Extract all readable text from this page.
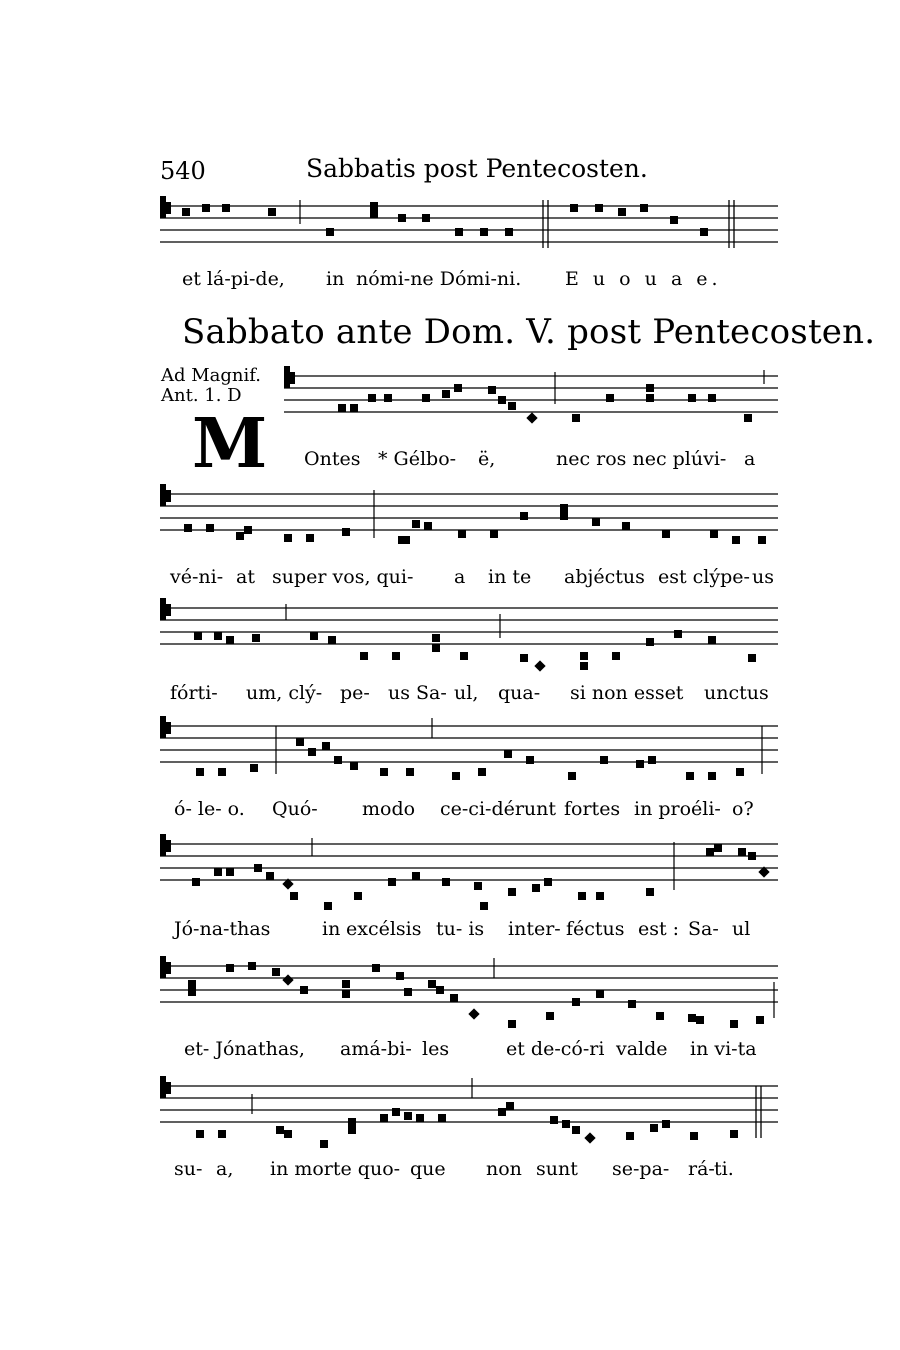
540	Sabbatis post Pentecosten.
et lá-pi-de, in nómi-ne Dómi-ni. E u o u a e.
Sabbato ante Dom. V. post Pentecosten.
Ad Magnif.
Ant. 1. D
M Ontes * Gélbo- ë,	nec ros nec plúvi- a
vé-ni- at super vos, qui- a in te abjéctus est clýpe- us
fórti- um, clý- pe- us Sa- ul, qua- si non esset unctus
ó- le- o. Quó- modo ce-ci-dérunt fortes in proéli- o?
Jó-na-thas	in excélsis tu- is inter- féctus est : Sa- ul
et- Jónathas, amá-bi- les	et de-có-ri valde in vi-ta
su- a, in morte quo- que non sunt se-pa- rá- ti.
